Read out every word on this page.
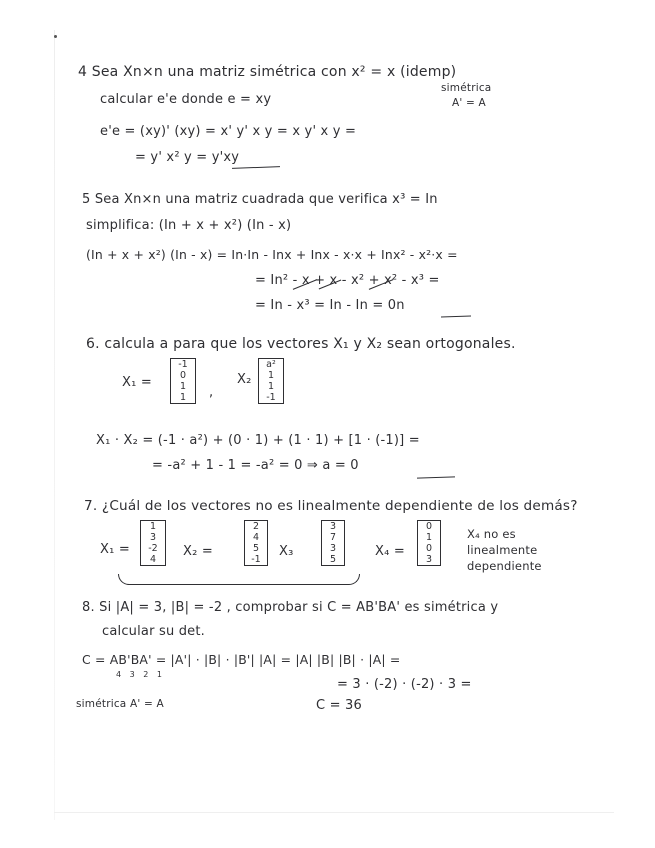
4 Sea Xn×n una matriz simétrica con x² = x (idemp)
calcular e'e donde e = xy
simétrica
A' = A
e'e = (xy)' (xy) = x' y' x y = x y' x y =
= y' x² y = y'xy
5 Sea Xn×n una matriz cuadrada que verifica x³ = In
simplifica: (In + x + x²) (In - x)
(In + x + x²) (In - x) = In·In - Inx + Inx - x·x + Inx² - x²·x =
= In² - x + x - x² + x² - x³ =
= In - x³ = In - In = 0n
6. calcula a para que los vectores X₁ y X₂ sean ortogonales.
X₁ =
-1
0
1
1	,
X₂
a²
1
1
-1
X₁ · X₂ = (-1 · a²) + (0 · 1) + (1 · 1) + [1 · (-1)] =
= -a² + 1 - 1 = -a² = 0 ⇒ a = 0
7. ¿Cuál de los vectores no es linealmente dependiente de los demás?
X₁ =
1
3
-2
4
X₂ =
2
4
5
-1
X₃
3
7
3
5
X₄ =
0
1
0
3
X₄ no es
linealmente
dependiente
8. Si |A| = 3, |B| = -2 , comprobar si C = AB'BA' es simétrica y
calcular su det.
C = AB'BA' = |A'| · |B| · |B'| |A| = |A| |B| |B| · |A| =
4 3 2 1
= 3 · (-2) · (-2) · 3 =
C = 36
simétrica A' = A
